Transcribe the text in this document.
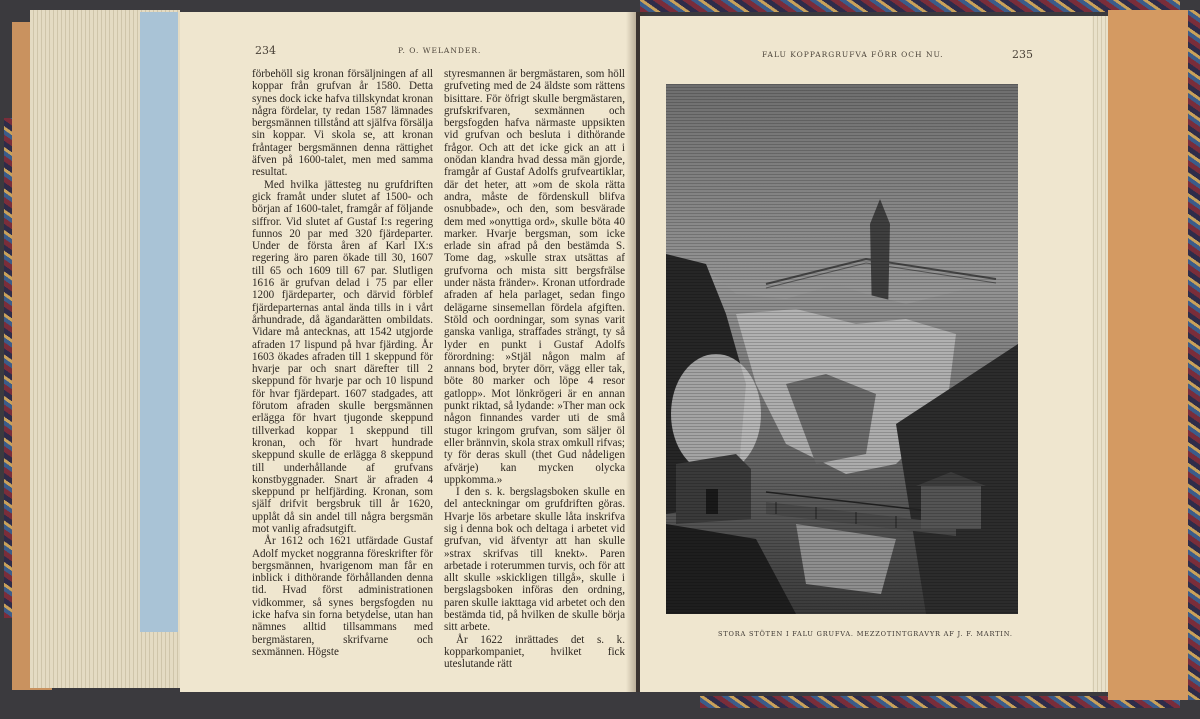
234	P. O. WELANDER.

förbehöll sig kronan försäljningen af all koppar från grufvan år 1580. Detta synes dock icke hafva tillskyndat kronan några fördelar, ty redan 1587 lämnades bergsmännen tillstånd att själfva försälja sin koppar. Vi skola se, att kronan fråntager bergsmännen denna rättighet äfven på 1600-talet, men med samma resultat.

Med hvilka jättesteg nu grufdriften gick framåt under slutet af 1500- och början af 1600-talet, framgår af följande siffror. Vid slutet af Gustaf I:s regering funnos 20 par med 320 fjärdeparter. Under de första åren af Karl IX:s regering äro paren ökade till 30, 1607 till 65 och 1609 till 67 par. Slutligen 1616 är grufvan delad i 75 par eller 1200 fjärdeparter, och därvid förblef fjärdeparternas antal ända tills in i vårt århundrade, då ägandarätten ombildats. Vidare må antecknas, att 1542 utgjorde afraden 17 lispund på hvar fjärding. År 1603 ökades afraden till 1 skeppund för hvarje par och snart därefter till 2 skeppund för hvarje par och 10 lispund för hvar fjärdepart. 1607 stadgades, att förutom afraden skulle bergsmännen erlägga för hvart tjugonde skeppund tillverkad koppar 1 skeppund till kronan, och för hvart hundrade skeppund skulle de erlägga 8 skeppund till underhållande af grufvans konstbyggnader. Snart är afraden 4 skeppund pr helfjärding. Kronan, som själf drifvit bergsbruk till år 1620, upplåt då sin andel till några bergsmän mot vanlig afradsutgift.

År 1612 och 1621 utfärdade Gustaf Adolf mycket noggranna föreskrifter för bergsmännen, hvarigenom man får en inblick i dithörande förhållanden denna tid. Hvad först administrationen vidkommer, så synes bergsfogden nu icke hafva sin forna betydelse, utan han nämnes alltid tillsammans med bergmästaren, skrifvarne och sexmännen. Högste

styresmannen är bergmästaren, som höll grufveting med de 24 äldste som rättens bisittare. För öfrigt skulle bergmästaren, grufskrifvaren, sexmännen och bergsfogden hafva närmaste uppsikten vid grufvan och besluta i dithörande frågor. Och att det icke gick an att i onödan klandra hvad dessa män gjorde, framgår af Gustaf Adolfs grufveartiklar, där det heter, att »om de skola rätta andra, måste de fördenskull blifva osnubbade», och den, som besvärade dem med »onyttiga ord», skulle böta 40 marker. Hvarje bergsman, som icke erlade sin afrad på den bestämda S. Tome dag, »skulle strax utsättas af grufvorna och mista sitt bergsfrälse under nästa fränder». Kronan utfordrade afraden af hela parlaget, sedan fingo delägarne sinsemellan fördela afgiften. Stöld och oordningar, som synas varit ganska vanliga, straffades strängt, ty så lyder en punkt i Gustaf Adolfs förordning: »Stjäl någon malm af annans bod, bryter dörr, vägg eller tak, böte 80 marker och löpe 4 resor gatlopp». Mot lönkrögeri är en annan punkt riktad, så lydande: »Ther man ock någon finnandes varder uti de små stugor kringom grufvan, som säljer öl eller brännvin, skola strax omkull rifvas; ty för deras skull (thet Gud nådeligen afvärje) kan mycken olycka uppkomma.»

I den s. k. bergslagsboken skulle en del anteckningar om grufdriften göras. Hvarje lös arbetare skulle låta inskrifva sig i denna bok och deltaga i arbetet vid grufvan, vid äfventyr att han skulle »strax skrifvas till knekt». Paren arbetade i roterummen turvis, och för att allt skulle »skickligen tillgå», skulle i bergslagsboken införas den ordning, paren skulle iakttaga vid arbetet och den bestämda tid, på hvilken de skulle börja sitt arbete.

År 1622 inrättades det s. k. kopparkompaniet, hvilket fick uteslutande rätt

FALU KOPPARGRUFVA FÖRR OCH NU.	235
STORA STÖTEN I FALU GRUFVA. MEZZOTINTGRAVYR AF J. F. MARTIN.
